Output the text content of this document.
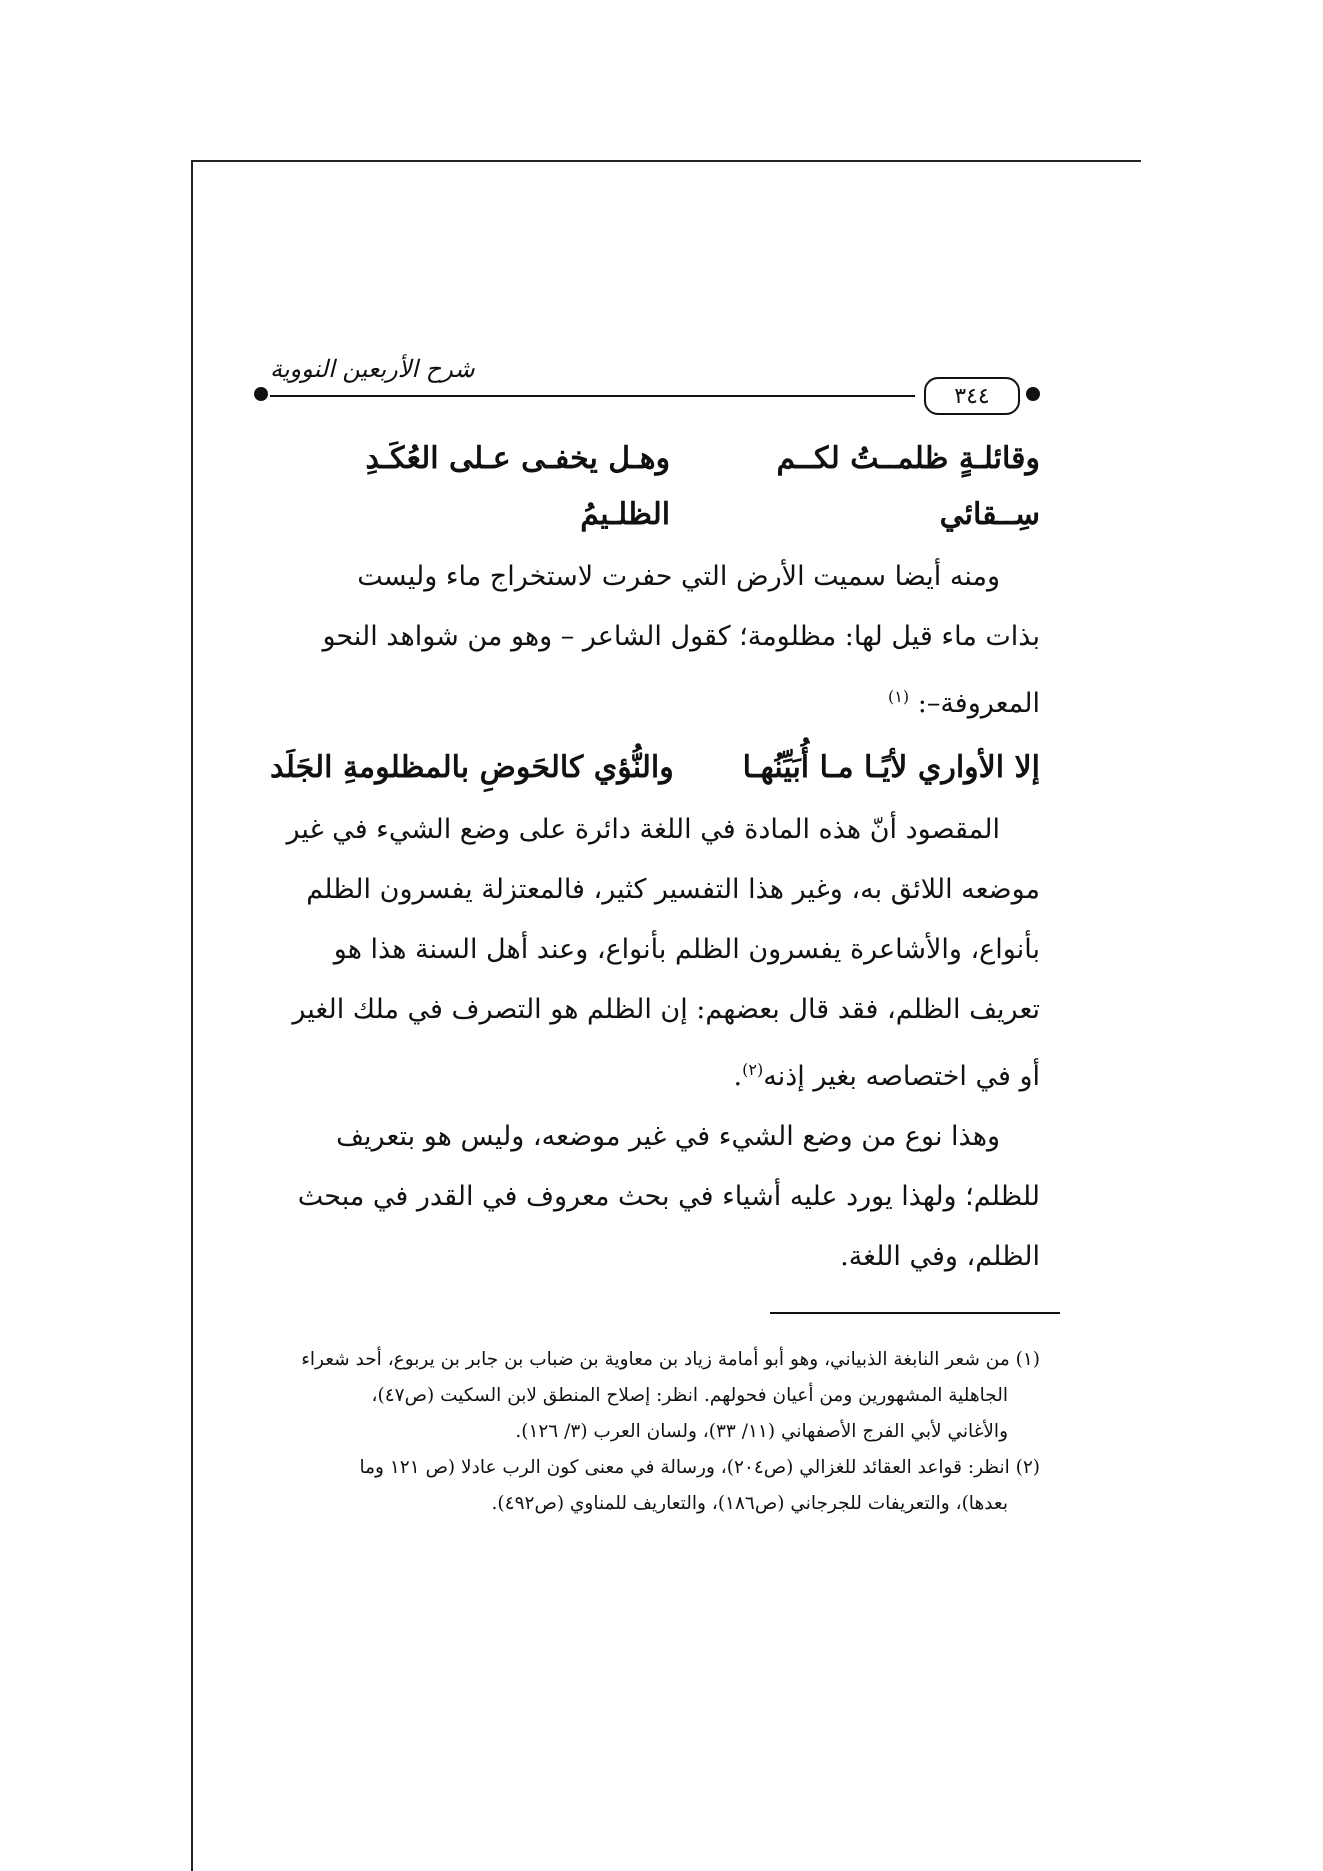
٣٤٤
شرح الأربعين النووية
وقائلـةٍ ظلمــتُ لكــم سِــقائي
وهـل يخفـى عـلى العُكَـدِ الظلـيمُ

ومنه أيضا سميت الأرض التي حفرت لاستخراج ماء وليست

بذات ماء قيل لها: مظلومة؛ كقول الشاعر – وهو من شواهد النحو

المعروفة–: $^{(١)}$

إلا الأواري لأيًـا مـا أُبَيِّنُهـا
والنُّؤي كالحَوضِ بالمظلومةِ الجَلَد

المقصود أنّ هذه المادة في اللغة دائرة على وضع الشيء في غير

موضعه اللائق به، وغير هذا التفسير كثير، فالمعتزلة يفسرون الظلم

بأنواع، والأشاعرة يفسرون الظلم بأنواع، وعند أهل السنة هذا هو

تعريف الظلم، فقد قال بعضهم: إن الظلم هو التصرف في ملك الغير

أو في اختصاصه بغير إذنه$^{(٢)}$.

وهذا نوع من وضع الشيء في غير موضعه، وليس هو بتعريف

للظلم؛ ولهذا يورد عليه أشياء في بحث معروف في القدر في مبحث

الظلم، وفي اللغة.

(١) من شعر النابغة الذبياني، وهو أبو أمامة زياد بن معاوية بن ضباب بن جابر بن يربوع، أحد شعراء

الجاهلية المشهورين ومن أعيان فحولهم. انظر: إصلاح المنطق لابن السكيت (ص٤٧)،

والأغاني لأبي الفرج الأصفهاني (١١/ ٣٣)، ولسان العرب (٣/ ١٢٦).

(٢) انظر: قواعد العقائد للغزالي (ص٢٠٤)، ورسالة في معنى كون الرب عادلا (ص ١٢١ وما

بعدها)، والتعريفات للجرجاني (ص١٨٦)، والتعاريف للمناوي (ص٤٩٢).
